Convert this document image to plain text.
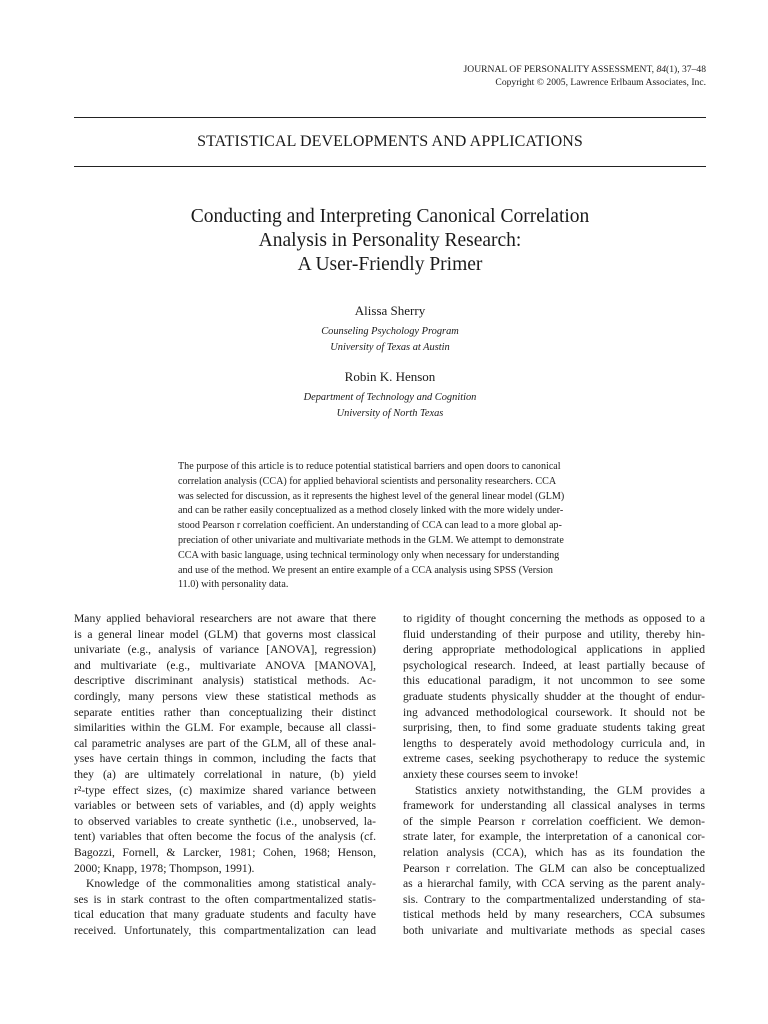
JOURNAL OF PERSONALITY ASSESSMENT, 84(1), 37–48
Copyright © 2005, Lawrence Erlbaum Associates, Inc.
STATISTICAL DEVELOPMENTS AND APPLICATIONS
Conducting and Interpreting Canonical Correlation
Analysis in Personality Research:
A User-Friendly Primer
Alissa Sherry
Counseling Psychology Program
University of Texas at Austin
Robin K. Henson
Department of Technology and Cognition
University of North Texas
The purpose of this article is to reduce potential statistical barriers and open doors to canonical
correlation analysis (CCA) for applied behavioral scientists and personality researchers. CCA
was selected for discussion, as it represents the highest level of the general linear model (GLM)
and can be rather easily conceptualized as a method closely linked with the more widely under-
stood Pearson r correlation coefficient. An understanding of CCA can lead to a more global ap-
preciation of other univariate and multivariate methods in the GLM. We attempt to demonstrate
CCA with basic language, using technical terminology only when necessary for understanding
and use of the method. We present an entire example of a CCA analysis using SPSS (Version
11.0) with personality data.
Many applied behavioral researchers are not aware that there
is a general linear model (GLM) that governs most classical
univariate (e.g., analysis of variance [ANOVA], regression)
and multivariate (e.g., multivariate ANOVA [MANOVA],
descriptive discriminant analysis) statistical methods. Ac-
cordingly, many persons view these statistical methods as
separate entities rather than conceptualizing their distinct
similarities within the GLM. For example, because all classi-
cal parametric analyses are part of the GLM, all of these anal-
yses have certain things in common, including the facts that
they (a) are ultimately correlational in nature, (b) yield
r²-type effect sizes, (c) maximize shared variance between
variables or between sets of variables, and (d) apply weights
to observed variables to create synthetic (i.e., unobserved, la-
tent) variables that often become the focus of the analysis (cf.
Bagozzi, Fornell, & Larcker, 1981; Cohen, 1968; Henson,
2000; Knapp, 1978; Thompson, 1991).
Knowledge of the commonalities among statistical analy-
ses is in stark contrast to the often compartmentalized statis-
tical education that many graduate students and faculty have
received. Unfortunately, this compartmentalization can lead
to rigidity of thought concerning the methods as opposed to a
fluid understanding of their purpose and utility, thereby hin-
dering appropriate methodological applications in applied
psychological research. Indeed, at least partially because of
this educational paradigm, it not uncommon to see some
graduate students physically shudder at the thought of endur-
ing advanced methodological coursework. It should not be
surprising, then, to find some graduate students taking great
lengths to desperately avoid methodology curricula and, in
extreme cases, seeking psychotherapy to reduce the systemic
anxiety these courses seem to invoke!
Statistics anxiety notwithstanding, the GLM provides a
framework for understanding all classical analyses in terms
of the simple Pearson r correlation coefficient. We demon-
strate later, for example, the interpretation of a canonical cor-
relation analysis (CCA), which has as its foundation the
Pearson r correlation. The GLM can also be conceptualized
as a hierarchal family, with CCA serving as the parent analy-
sis. Contrary to the compartmentalized understanding of sta-
tistical methods held by many researchers, CCA subsumes
both univariate and multivariate methods as special cases
